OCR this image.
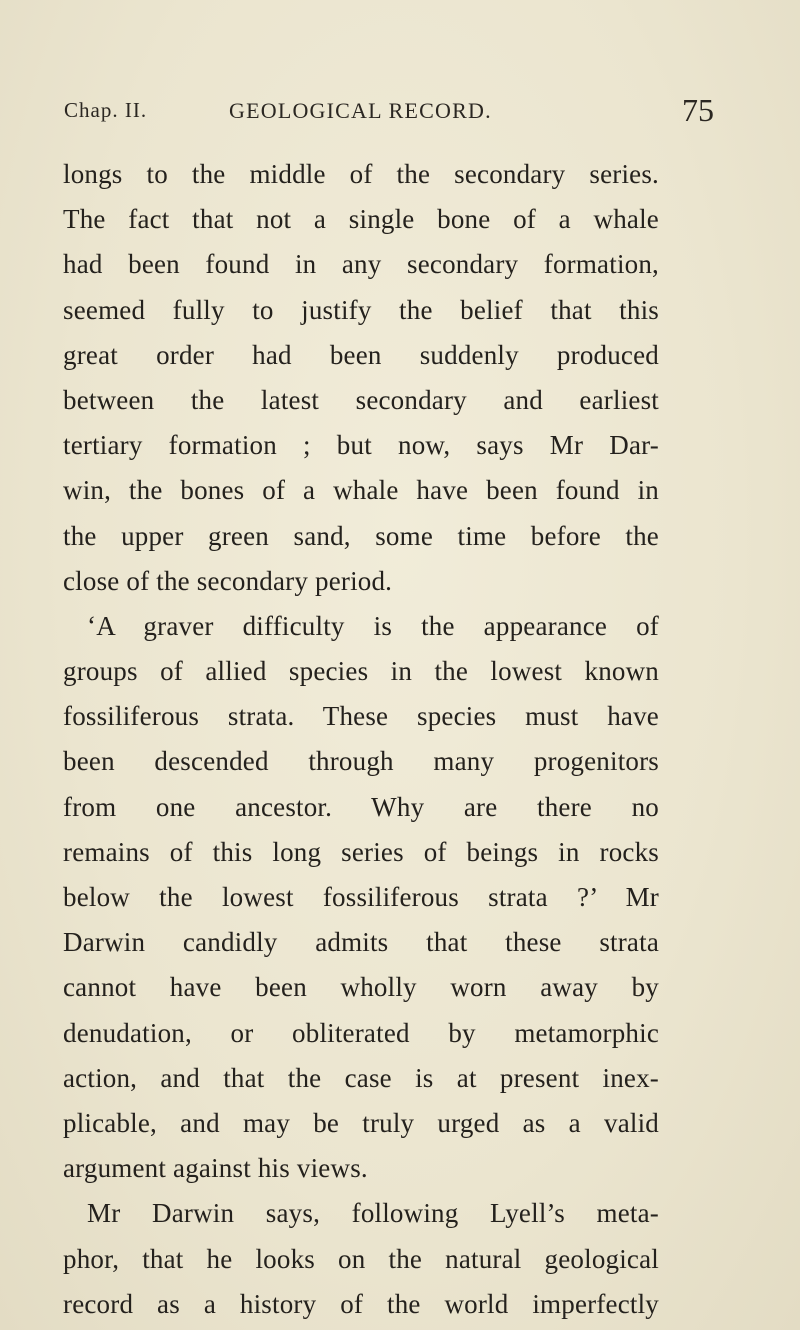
Chap. II.	GEOLOGICAL RECORD.	75
longs to the middle of the secondary series.
The fact that not a single bone of a whale
had been found in any secondary formation,
seemed fully to justify the belief that this
great order had been suddenly produced
between the latest secondary and earliest
tertiary formation ; but now, says Mr Dar-
win, the bones of a whale have been found in
the upper green sand, some time before the
close of the secondary period.
‘A graver difficulty is the appearance of
groups of allied species in the lowest known
fossiliferous strata. These species must have
been descended through many progenitors
from one ancestor. Why are there no
remains of this long series of beings in rocks
below the lowest fossiliferous strata ?’ Mr
Darwin candidly admits that these strata
cannot have been wholly worn away by
denudation, or obliterated by metamorphic
action, and that the case is at present inex-
plicable, and may be truly urged as a valid
argument against his views.
Mr Darwin says, following Lyell’s meta-
phor, that he looks on the natural geological
record as a history of the world imperfectly
